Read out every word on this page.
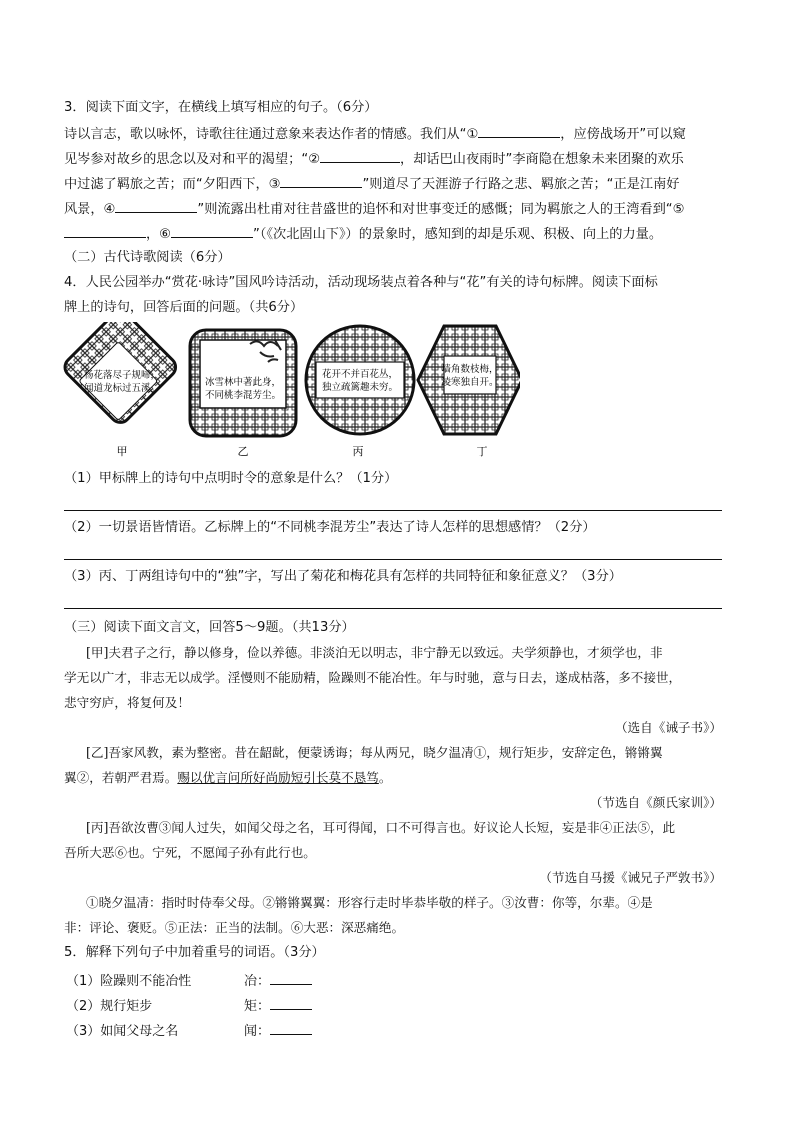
3．阅读下面文字，在横线上填写相应的句子。（6分）
诗以言志，歌以咏怀，诗歌往往通过意象来表达作者的情感。我们从“①	，应傍战场开”可以窥
见岑参对故乡的思念以及对和平的渴望；“②	，却话巴山夜雨时”李商隐在想象未来团聚的欢乐
中过滤了羁旅之苦；而“夕阳西下，③	”则道尽了天涯游子行路之悲、羁旅之苦；“正是江南好
风景，④	”则流露出杜甫对往昔盛世的追怀和对世事变迁的感慨；同为羁旅之人的王湾看到“⑤
，⑥	”（《次北固山下》）的景象时，感知到的却是乐观、积极、向上的力量。
（二）古代诗歌阅读（6分）
4．人民公园举办“赏花·咏诗”国风吟诗活动，活动现场装点着各种与“花”有关的诗句标牌。阅读下面标
牌上的诗句，回答后面的问题。（共6分）
杨花落尽子规啼，
闻道龙标过五溪。
甲
冰雪林中著此身，
不同桃李混芳尘。
乙
花开不并百花丛，
独立疏篱趣未穷。
丙
墙角数枝梅，
凌寒独自开。
丁
（1）甲标牌上的诗句中点明时令的意象是什么？（1分）
（2）一切景语皆情语。乙标牌上的“不同桃李混芳尘”表达了诗人怎样的思想感情？（2分）
（3）丙、丁两组诗句中的“独”字，写出了菊花和梅花具有怎样的共同特征和象征意义？（3分）
（三）阅读下面文言文，回答5～9题。（共13分）
[甲]夫君子之行，静以修身，俭以养德。非淡泊无以明志，非宁静无以致远。夫学须静也，才须学也，非
学无以广才，非志无以成学。淫慢则不能励精，险躁则不能冶性。年与时驰，意与日去，遂成枯落，多不接世，
悲守穷庐，将复何及！
（选自《诫子书》）
[乙]吾家风教，素为整密。昔在龆龀，便蒙诱诲；每从两兄，晓夕温凊①，规行矩步，安辞定色，锵锵翼
翼②，若朝严君焉。赐以优言问所好尚励短引长莫不恳笃。
（节选自《颜氏家训》）
[丙]吾欲汝曹③闻人过失，如闻父母之名，耳可得闻，口不可得言也。好议论人长短，妄是非④正法⑤，此
吾所大恶⑥也。宁死，不愿闻子孙有此行也。
（节选自马援《诫兄子严敦书》）
①晓夕温凊：指时时侍奉父母。②锵锵翼翼：形容行走时毕恭毕敬的样子。③汝曹：你等，尔辈。④是
非：评论、褒贬。⑤正法：正当的法制。⑥大恶：深恶痛绝。
5．解释下列句子中加着重号的词语。（3分）
（1）险躁则不能冶性	冶：
（2）规行矩步	矩：
（3）如闻父母之名	闻：
